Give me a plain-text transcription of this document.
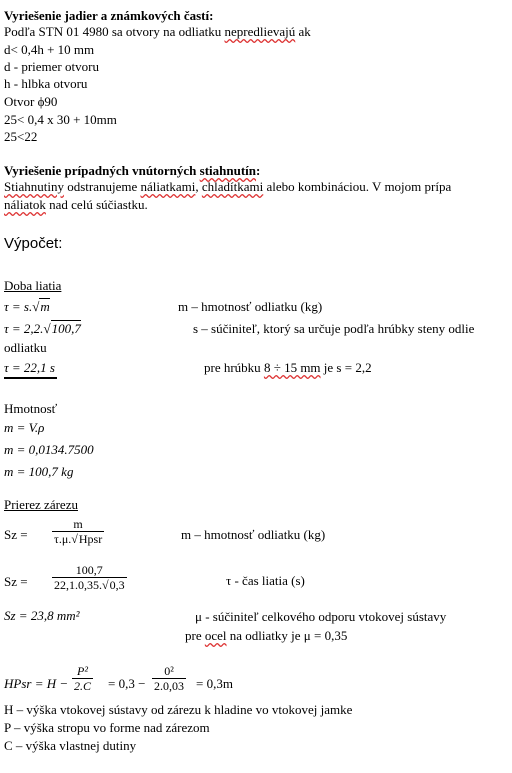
Vyriešenie jadier a známkových častí:
Podľa STN 01 4980 sa otvory na odliatku nepredlievajú ak
d< 0,4h + 10 mm
d - priemer otvoru
h - hlbka otvoru
Otvor ϕ90
25< 0,4 x 30 + 10mm
25<22
Vyriešenie prípadných vnútorných stiahnutín:
Stiahnutiny odstranujeme náliatkami, chladítkami alebo kombináciou. V mojom prípa
náliatok nad celú súčiastku.
Výpočet:
Doba liatia
τ = s.√m	m – hmotnosť odliatku (kg)
τ = 2,2.√100,7	s – súčiniteľ, ktorý sa určuje podľa hrúbky steny odlie
odliatku
τ = 22,1 s	pre hrúbku 8 ÷ 15 mm je s = 2,2
Hmotnosť
m = V.ρ
m = 0,0134.7500
m = 100,7 kg
Prierez zárezu
Sz =
m
τ.μ.√Hpsr	m – hmotnosť odliatku (kg)
$Sz = \frac{100,7}{22,1.0,35.√0,3}$	τ - čas liatia (s)
Sz = 23,8 mm²	μ - súčiniteľ celkového odporu vtokovej sústavy
pre ocel na odliatky je μ = 0,35
HPsr = $H - \frac{\text{P²}}{2.C} = 0,3 - \frac{\text{0²}}{2.0,03} = 0,3m$
H – výška vtokovej sústavy od zárezu k hladine vo vtokovej jamke
P – výška stropu vo forme nad zárezom
C – výška vlastnej dutiny
